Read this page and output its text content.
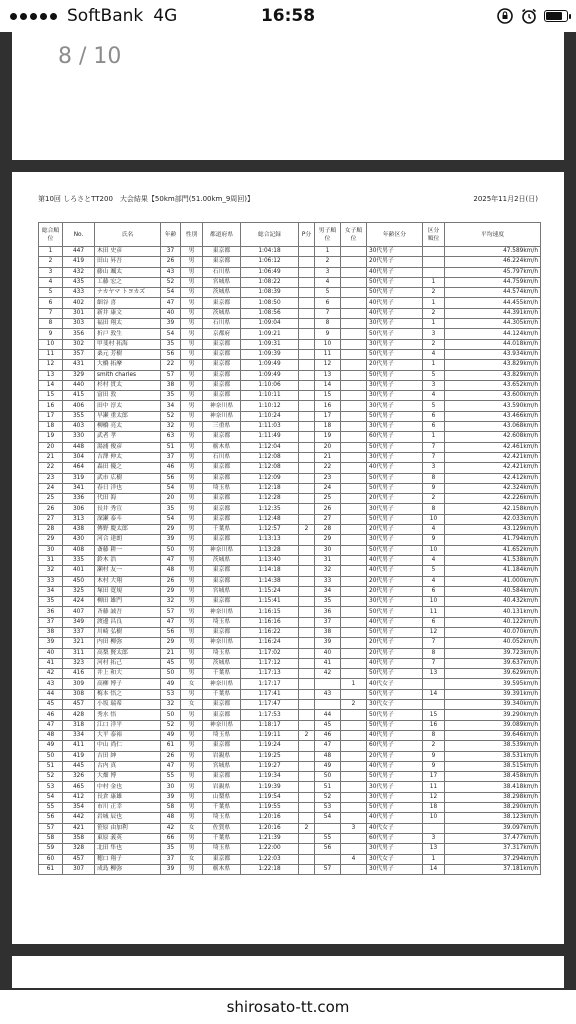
SoftBank 4G	16:58
8 / 10
第10回 しろさとTT200　大会結果【50km部門(51.00km_9周回)】	2025年11月2日(日)
総合順位	No.	氏名	年齢	性別	都道府県	総合記録	P分	男子順位	女子順位	年齢区分	区分順位	平均速度
1	447	木田 史彦	37	男	東京都	1:04:18		1		30代男子		47.589km/h
2	419	田山 昇吾	26	男	東京都	1:06:12		2		20代男子		46.224km/h
3	432	藤山 颯太	43	男	石川県	1:06:49		3		40代男子		45.797km/h
4	435	工藤 宏之	52	男	宮城県	1:08:22		4		50代男子	1	44.759km/h
5	433	ナカヤマ トヨカズ	54	男	茨城県	1:08:39		5		50代男子	2	44.574km/h
6	402	細谷 喜	47	男	東京都	1:08:50		6		40代男子	1	44.455km/h
7	301	新井 康文	40	男	茨城県	1:08:56		7		40代男子	2	44.391km/h
8	303	福田 翔太	39	男	石川県	1:09:04		8		30代男子	1	44.305km/h
9	356	折戸 敦生	54	男	京都府	1:09:21		9		50代男子	3	44.124km/h
10	302	甲斐村 拓海	35	男	東京都	1:09:31		10		30代男子	2	44.018km/h
11	357	桑元 芳樹	56	男	東京都	1:09:39		11		50代男子	4	43.934km/h
12	431	大橋 拓摩	22	男	東京都	1:09:49		12		20代男子	1	43.829km/h
13	329	smith charles	57	男	東京都	1:09:49		13		50代男子	5	43.829km/h
14	440	杉村 貫太	38	男	東京都	1:10:06		14		30代男子	3	43.652km/h
15	415	富田 敦	35	男	東京都	1:10:11		15		30代男子	4	43.600km/h
16	406	田中 淳太	34	男	神奈川県	1:10:12		16		30代男子	5	43.590km/h
17	355	早瀬 重太郎	52	男	神奈川県	1:10:24		17		50代男子	6	43.466km/h
18	403	柳橋 亮太	32	男	三重県	1:11:03		18		30代男子	6	43.068km/h
19	330	武者 孝	63	男	東京都	1:11:49		19		60代男子	1	42.608km/h
20	448	湯浦 俊彦	51	男	栃木県	1:12:04		20		50代男子	7	42.461km/h
21	304	吉澤 伸太	37	男	石川県	1:12:08		21		30代男子	7	42.421km/h
22	464	森田 優之	46	男	東京都	1:12:08		22		40代男子	3	42.421km/h
23	319	武市 広樹	56	男	東京都	1:12:09		23		50代男子	8	42.412km/h
24	341	春日 洋也	54	男	埼玉県	1:12:18		24		50代男子	9	42.324km/h
25	336	代田 海	20	男	東京都	1:12:28		25		20代男子	2	42.226km/h
26	306	長井 秀宣	35	男	東京都	1:12:35		26		30代男子	8	42.158km/h
27	313	深瀬 泰斗	54	男	東京都	1:12:48		27		50代男子	10	42.033km/h
28	438	傳野 慶太郎	29	男	千葉県	1:12:57	2	28		20代男子	4	43.129km/h
29	430	河合 達朗	39	男	東京都	1:13:13		29		30代男子	9	41.794km/h
30	408	斎藤 耕一	50	男	神奈川県	1:13:28		30		50代男子	10	41.652km/h
31	335	鈴木 浩	47	男	茨城県	1:13:40		31		40代男子	4	41.538km/h
32	401	瀬村 友一	48	男	東京都	1:14:18		32		40代男子	5	41.184km/h
33	450	木村 大翔	26	男	東京都	1:14:38		33		20代男子	4	41.000km/h
34	325	塚田 寛規	29	男	宮城県	1:15:24		34		20代男子	6	40.584km/h
35	424	柳田 雄門	32	男	東京都	1:15:41		35		30代男子	10	40.432km/h
36	407	斉藤 誠吾	57	男	神奈川県	1:16:15		36		50代男子	11	40.131km/h
37	349	渡邊 昌良	47	男	埼玉県	1:16:16		37		40代男子	6	40.122km/h
38	337	川崎 弘樹	56	男	東京都	1:16:22		38		50代男子	12	40.070km/h
39	321	内田 柳弥	29	男	神奈川県	1:16:24		39		20代男子	7	40.052km/h
40	311	高梨 賢太郎	21	男	埼玉県	1:17:02		40		20代男子	8	39.723km/h
41	323	河村 拓己	45	男	茨城県	1:17:12		41		40代男子	7	39.637km/h
42	416	井上 和大	50	男	千葉県	1:17:13		42		50代男子	13	39.629km/h
43	309	高柳 博子	49	女	神奈川県	1:17:17			1	40代女子		39.595km/h
44	308	梅本 悟之	53	男	千葉県	1:17:41		43		50代男子	14	39.391km/h
45	457	小坂 瑞希	32	女	東京都	1:17:47			2	30代女子		39.340km/h
46	428	秀水 悟	50	男	東京都	1:17:53		44		50代男子	15	39.290km/h
47	318	江口 洋平	52	男	神奈川県	1:18:17		45		50代男子	16	39.089km/h
48	334	大平 泰裕	49	男	埼玉県	1:19:11	2	46		40代男子	8	39.646km/h
49	411	中山 尚仁	61	男	東京都	1:19:24		47		60代男子	2	38.539km/h
50	419	吉田 紳	26	男	岩親県	1:19:25		48		20代男子	9	38.531km/h
51	445	古内 真	47	男	宮城県	1:19:27		49		40代男子	9	38.515km/h
52	326	大畑 博	55	男	東京都	1:19:34		50		50代男子	17	38.458km/h
53	465	中村 金也	30	男	岩親県	1:19:39		51		30代男子	11	38.418km/h
54	412	長倉 康雄	39	男	山梨県	1:19:54		52		30代男子	12	38.298km/h
55	354	市川 正幸	58	男	千葉県	1:19:55		53		50代男子	18	38.290km/h
56	442	岩城 辰也	48	男	埼玉県	1:20:16		54		40代男子	10	38.123km/h
57	421	笹原 由加利	42	女	佐賀県	1:20:16	2		3	40代女子		39.097km/h
58	358	東原 義英	66	男	千葉県	1:21:39		55		60代男子	3	37.477km/h
59	328	北田 隼也	35	男	埼玉県	1:22:00		56		30代男子	13	37.317km/h
60	457	穂口 翔子	37	女	東京都	1:22:03			4	30代女子	1	37.294km/h
61	307	成島 柳弥	39	男	栃木県	1:22:18		57		30代男子	14	37.181km/h
shirosato-tt.com
